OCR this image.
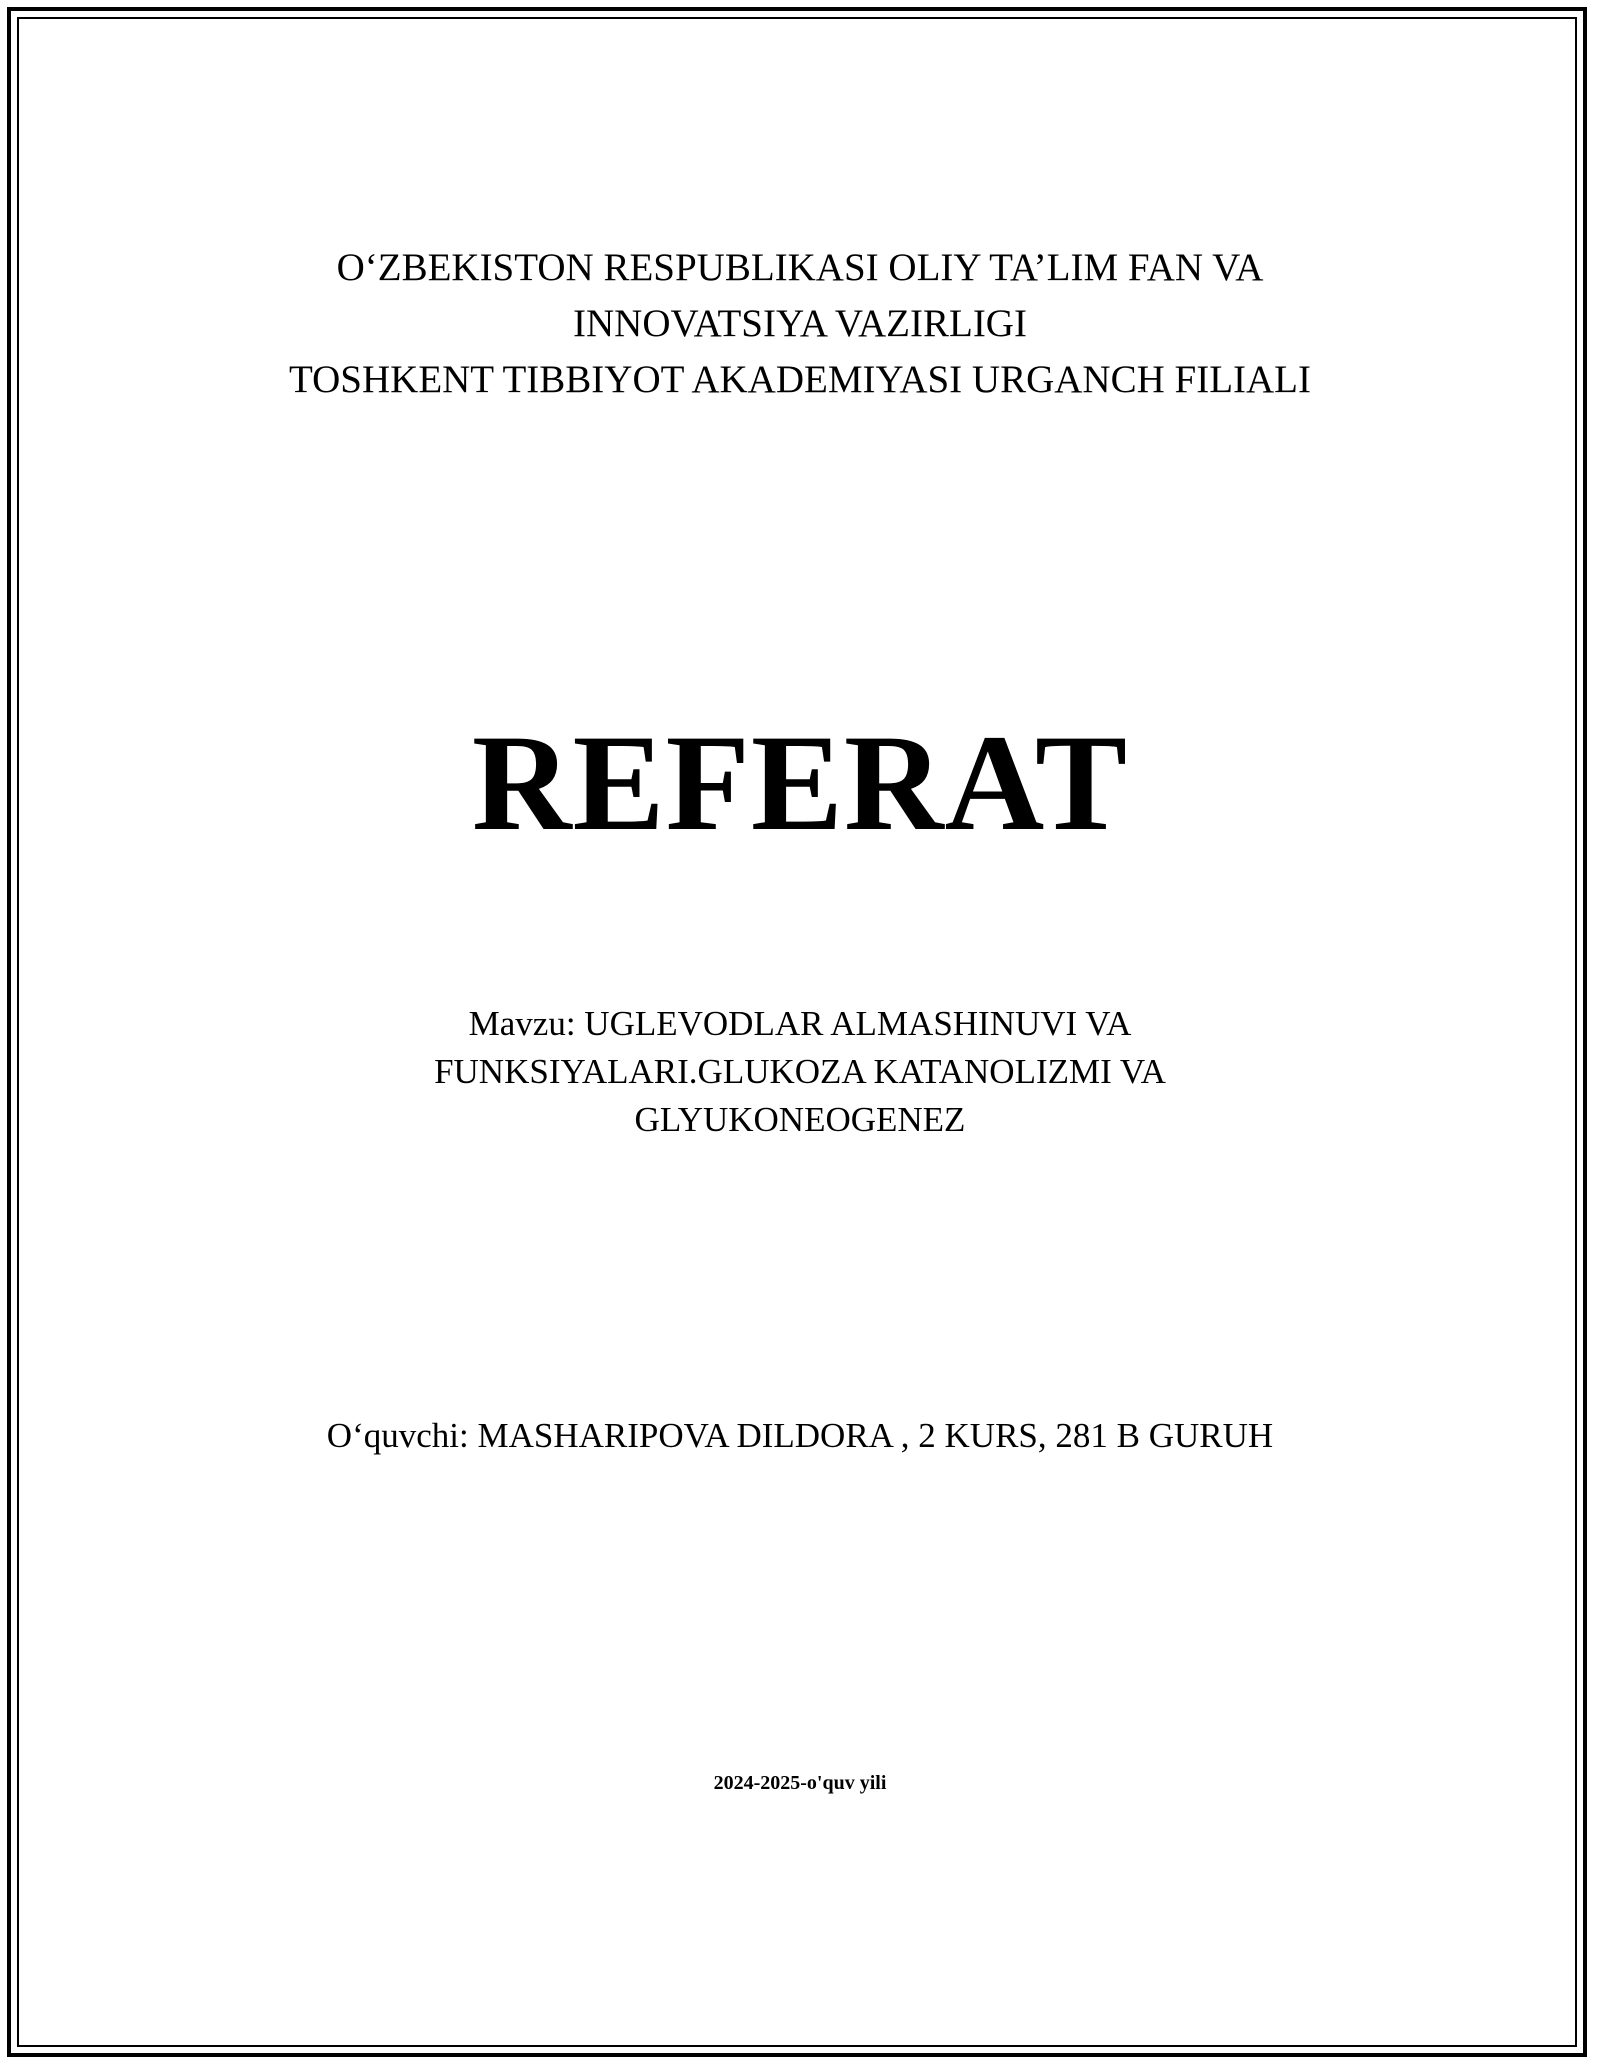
O‘ZBEKISTON RESPUBLIKASI OLIY TA’LIM FAN VA
INNOVATSIYA VAZIRLIGI
TOSHKENT TIBBIYOT AKADEMIYASI URGANCH FILIALI
REFERAT
Mavzu: UGLEVODLAR ALMASHINUVI VA
FUNKSIYALARI.GLUKOZA KATANOLIZMI VA
GLYUKONEOGENEZ
O‘quvchi: MASHARIPOVA DILDORA , 2 KURS, 281 B GURUH
2024-2025-o'quv yili
